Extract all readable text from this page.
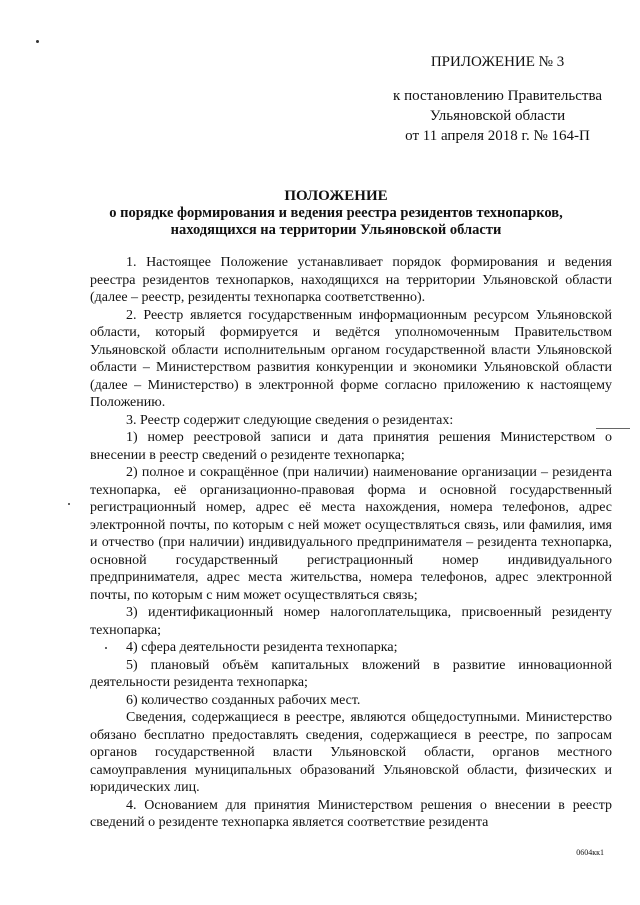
ПРИЛОЖЕНИЕ № 3
к постановлению Правительства
Ульяновской области
от 11 апреля 2018 г. № 164-П
ПОЛОЖЕНИЕ
о порядке формирования и ведения реестра резидентов технопарков,
находящихся на территории Ульяновской области

1. Настоящее Положение устанавливает порядок формирования и ведения реестра резидентов технопарков, находящихся на территории Ульяновской области (далее – реестр, резиденты технопарка соответственно).

2. Реестр является государственным информационным ресурсом Ульяновской области, который формируется и ведётся уполномоченным Правительством Ульяновской области исполнительным органом государственной власти Ульяновской области – Министерством развития конкуренции и экономики Ульяновской области (далее – Министерство) в электронной форме согласно приложению к настоящему Положению.

3. Реестр содержит следующие сведения о резидентах:

1) номер реестровой записи и дата принятия решения Министерством о внесении в реестр сведений о резиденте технопарка;

2) полное и сокращённое (при наличии) наименование организации – резидента технопарка, её организационно-правовая форма и основной государственный регистрационный номер, адрес её места нахождения, номера телефонов, адрес электронной почты, по которым с ней может осуществляться связь, или фамилия, имя и отчество (при наличии) индивидуального предпринимателя – резидента технопарка, основной государственный регистрационный номер индивидуального предпринимателя, адрес места жительства, номера телефонов, адрес электронной почты, по которым с ним может осуществляться связь;

3) идентификационный номер налогоплательщика, присвоенный резиденту технопарка;

4) сфера деятельности резидента технопарка;

5) плановый объём капитальных вложений в развитие инновационной деятельности резидента технопарка;

6) количество созданных рабочих мест.

Сведения, содержащиеся в реестре, являются общедоступными. Министерство обязано бесплатно предоставлять сведения, содержащиеся в реестре, по запросам органов государственной власти Ульяновской области, органов местного самоуправления муниципальных образований Ульяновской области, физических и юридических лиц.

4. Основанием для принятия Министерством решения о внесении в реестр сведений о резиденте технопарка является соответствие резидента

0604кк1
